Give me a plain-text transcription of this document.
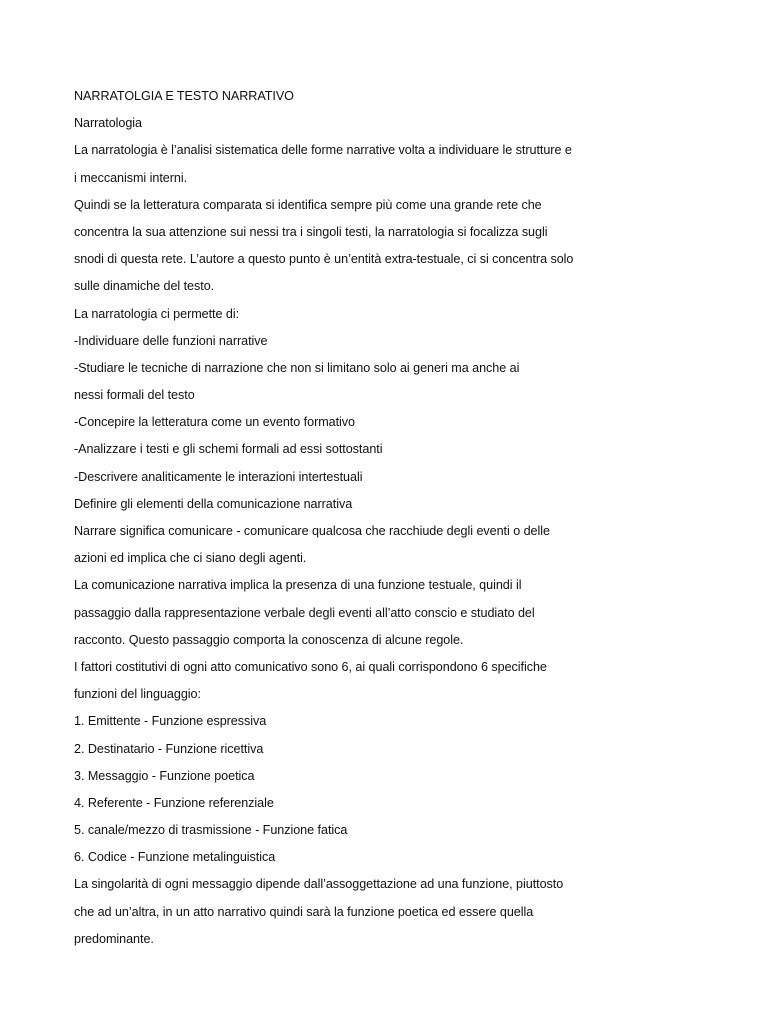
NARRATOLGIA E TESTO NARRATIVO
Narratologia
La narratologia è l’analisi sistematica delle forme narrative volta a individuare le strutture e
i meccanismi interni.
Quindi se la letteratura comparata si identifica sempre più come una grande rete che
concentra la sua attenzione sui nessi tra i singoli testi, la narratologia si focalizza sugli
snodi di questa rete. L’autore a questo punto è un’entità extra-testuale, ci si concentra solo
sulle dinamiche del testo.
La narratologia ci permette di:
-Individuare delle funzioni narrative
-Studiare le tecniche di narrazione che non si limitano solo ai generi ma anche ai
nessi formali del testo
-Concepire la letteratura come un evento formativo
-Analizzare i testi e gli schemi formali ad essi sottostanti
-Descrivere analiticamente le interazioni intertestuali
Definire gli elementi della comunicazione narrativa
Narrare significa comunicare - comunicare qualcosa che racchiude degli eventi o delle
azioni ed implica che ci siano degli agenti.
La comunicazione narrativa implica la presenza di una funzione testuale, quindi il
passaggio dalla rappresentazione verbale degli eventi all’atto conscio e studiato del
racconto. Questo passaggio comporta la conoscenza di alcune regole.
I fattori costitutivi di ogni atto comunicativo sono 6, ai quali corrispondono 6 specifiche
funzioni del linguaggio:
1. Emittente - Funzione espressiva
2. Destinatario - Funzione ricettiva
3. Messaggio - Funzione poetica
4. Referente - Funzione referenziale
5. canale/mezzo di trasmissione - Funzione fatica
6. Codice - Funzione metalinguistica
La singolarità di ogni messaggio dipende dall’assoggettazione ad una funzione, piuttosto
che ad un’altra, in un atto narrativo quindi sarà la funzione poetica ed essere quella
predominante.
